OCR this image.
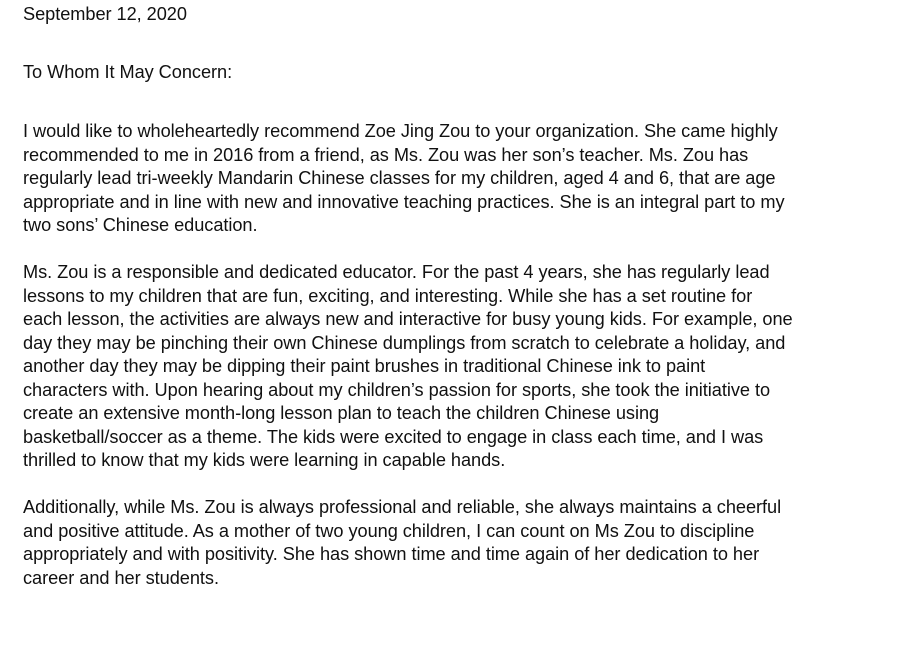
September 12, 2020
To Whom It May Concern:
I would like to wholeheartedly recommend Zoe Jing Zou to your organization. She came highly
recommended to me in 2016 from a friend, as Ms. Zou was her son’s teacher. Ms. Zou has
regularly lead tri-weekly Mandarin Chinese classes for my children, aged 4 and 6, that are age
appropriate and in line with new and innovative teaching practices. She is an integral part to my
two sons’ Chinese education.
Ms. Zou is a responsible and dedicated educator. For the past 4 years, she has regularly lead
lessons to my children that are fun, exciting, and interesting. While she has a set routine for
each lesson, the activities are always new and interactive for busy young kids. For example, one
day they may be pinching their own Chinese dumplings from scratch to celebrate a holiday, and
another day they may be dipping their paint brushes in traditional Chinese ink to paint
characters with. Upon hearing about my children’s passion for sports, she took the initiative to
create an extensive month-long lesson plan to teach the children Chinese using
basketball/soccer as a theme. The kids were excited to engage in class each time, and I was
thrilled to know that my kids were learning in capable hands.
Additionally, while Ms. Zou is always professional and reliable, she always maintains a cheerful
and positive attitude. As a mother of two young children, I can count on Ms Zou to discipline
appropriately and with positivity. She has shown time and time again of her dedication to her
career and her students.
